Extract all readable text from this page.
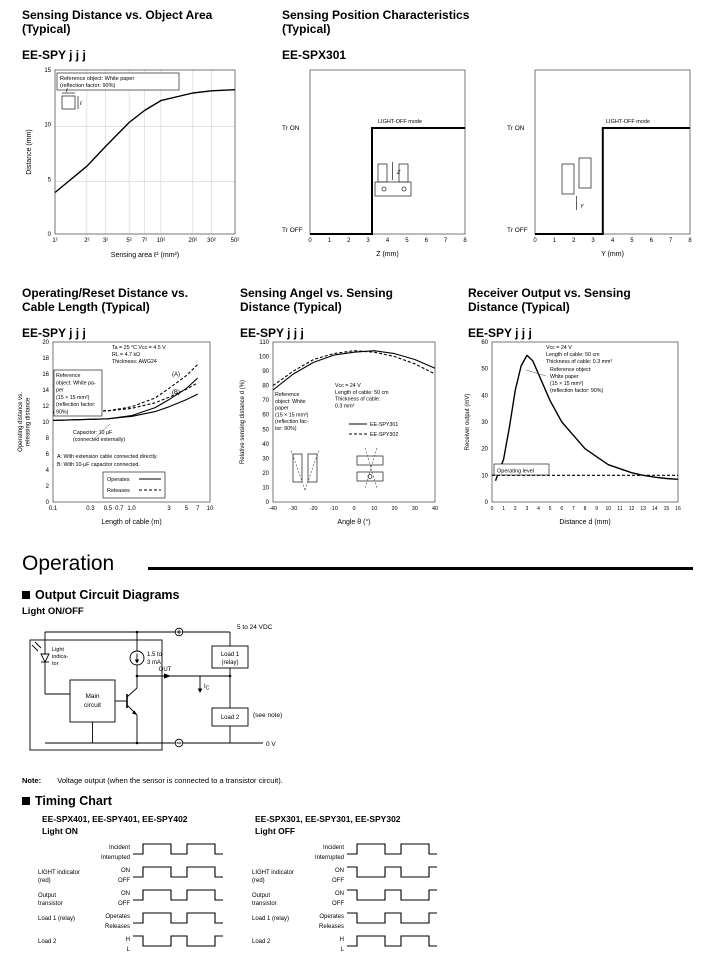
Sensing Distance vs. Object Area
(Typical)
EE-SPY j j j
Sensing Position Characteristics
(Typical)
EE-SPX301
15
10
5
0
1²	2² 3²	5² 7² 10²	20² 30² 50²
Distance (mm)
Sensing area ℓ² (mm²)
Reference object: White paper
(reflection factor: 90%)
ℓ
ℓ
Tr ON
Tr OFF
Tr ON
Tr OFF
LIGHT-OFF mode	LIGHT-OFF mode
0	1	2	3	4	5	6	7	8	0	1	2	3	4	5	6	7	8
Z (mm)	Y (mm)
Z
Y
Operating/Reset Distance vs.
Cable Length (Typical)
EE-SPY j j j
Sensing Angel vs. Sensing
Distance (Typical)
EE-SPY j j j
Receiver Output vs. Sensing
Distance (Typical)
EE-SPY j j j
20
18
16
14
12
10
8
6
4
2
0
0.1	0.3 0.5 0.7 1.0	3 5 7 10
Operating distance vs. releasing distance
Length of cable (m)
Ta = 25 °C Vcc = 4.5 V
RL = 4.7 kΩ
Thickness: AWG24
Reference
object: White pa-
per
(15 × 15 mm²)
(reflection factor:
90%)
(A)
(B)
Capacitor: 10 µF
(connected externally)
A: With extension cable connected directly.
B: With 10-µF capacitor connected.
Operates
Releases
110
100
90
80
70
60
50
40
30
20
10
0
-40 -30 -20 -10	0	10	20	30	40
Relative sensing distance d (%)
Angle θ (°)
Vcc = 24 V
Length of cable: 50 cm
Thickness of cable:
0.3 mm²
Reference
object: White
paper
(15 × 15 mm²)
(reflection fac-
tor: 90%)
EE-SPY301
EE-SPY302
60
50
40
30
20
10
0
0 1 2 3 4 5 6 7 8 9 10 11 12 13 14 15 16
Receiver output (mV)
Distance d (mm)
Vcc = 24 V
Length of cable: 50 cm
Thickness of cable: 0.3 mm²
Reference object:
White paper
(15 × 15 mm²)
(reflection factor: 90%)
Operating level
Operation
Output Circuit Diagrams
Light ON/OFF
Light
indica-
tor
Main
circuit
1.5 to
3 mA
OUT
$I_C$
Load 1
(relay)
Load 2 (see note)
5 to 24 VDC
0 V
Note: Voltage output (when the sensor is connected to a transistor circuit).
Timing Chart
EE-SPX401, EE-SPY401, EE-SPY402
Light ON
EE-SPX301, EE-SPY301, EE-SPY302
Light OFF
Incident
Interrupted
LIGHT indicator
(red)
ON
OFF
Output
transistor
ON
OFF
Load 1 (relay)	Operates
Releases
Load 2	H
L
Incident
Interrupted
LIGHT indicator
(red)
ON
OFF
Output
transistor
ON
OFF
Load 1 (relay)	Operates
Releases
Load 2	H
L
